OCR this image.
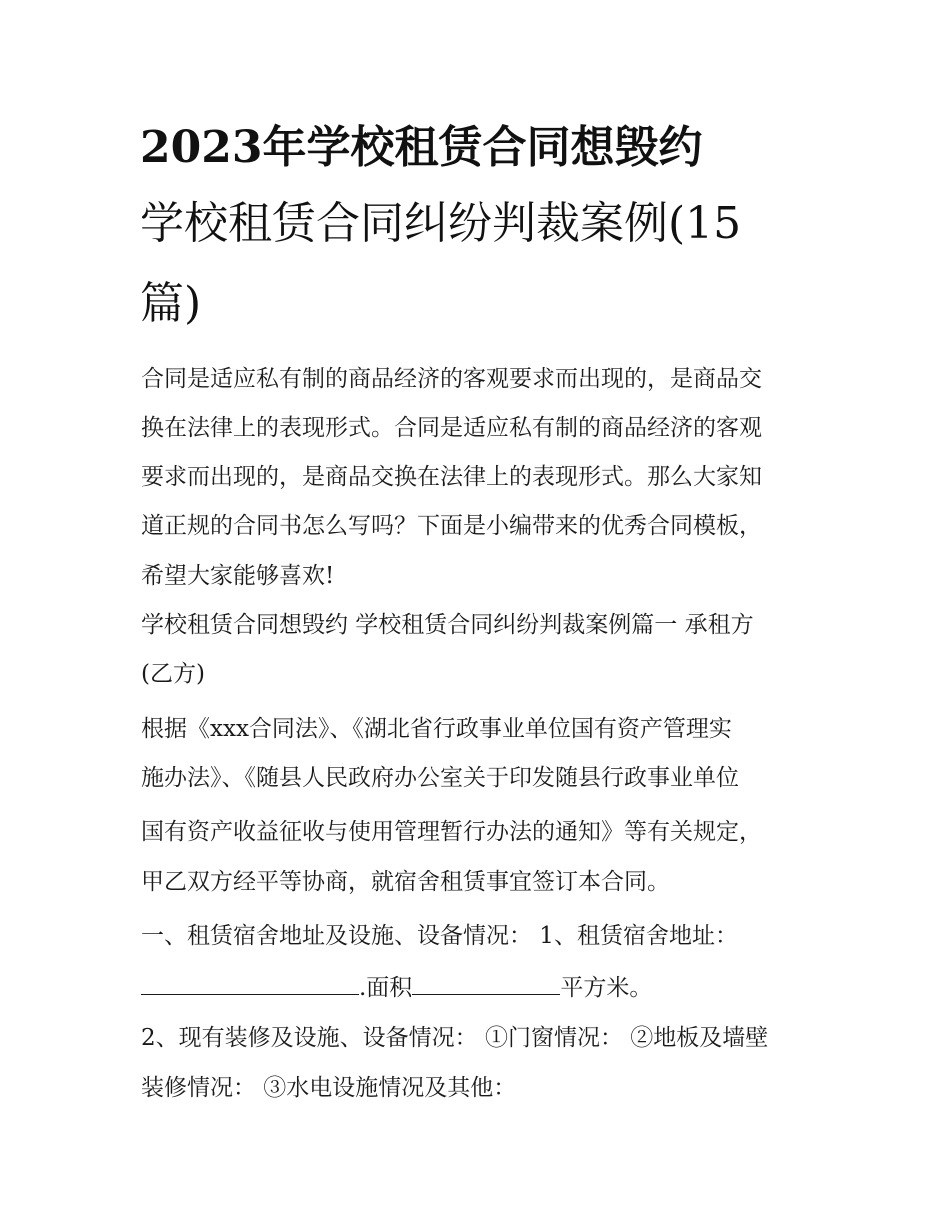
2023年学校租赁合同想毁约
学校租赁合同纠纷判裁案例(15
篇)
合同是适应私有制的商品经济的客观要求而出现的，是商品交
换在法律上的表现形式。合同是适应私有制的商品经济的客观
要求而出现的，是商品交换在法律上的表现形式。那么大家知
道正规的合同书怎么写吗？下面是小编带来的优秀合同模板，
希望大家能够喜欢!
学校租赁合同想毁约 学校租赁合同纠纷判裁案例篇一 承租方
(乙方)
根据《xxx合同法》、《湖北省行政事业单位国有资产管理实
施办法》、《随县人民政府办公室关于印发随县行政事业单位
国有资产收益征收与使用管理暂行办法的通知》等有关规定，
甲乙双方经平等协商，就宿舍租赁事宜签订本合同。
一、租赁宿舍地址及设施、设备情况： 1、租赁宿舍地址：
.面积	平方米。
2、现有装修及设施、设备情况： ①门窗情况： ②地板及墙壁
装修情况： ③水电设施情况及其他：
